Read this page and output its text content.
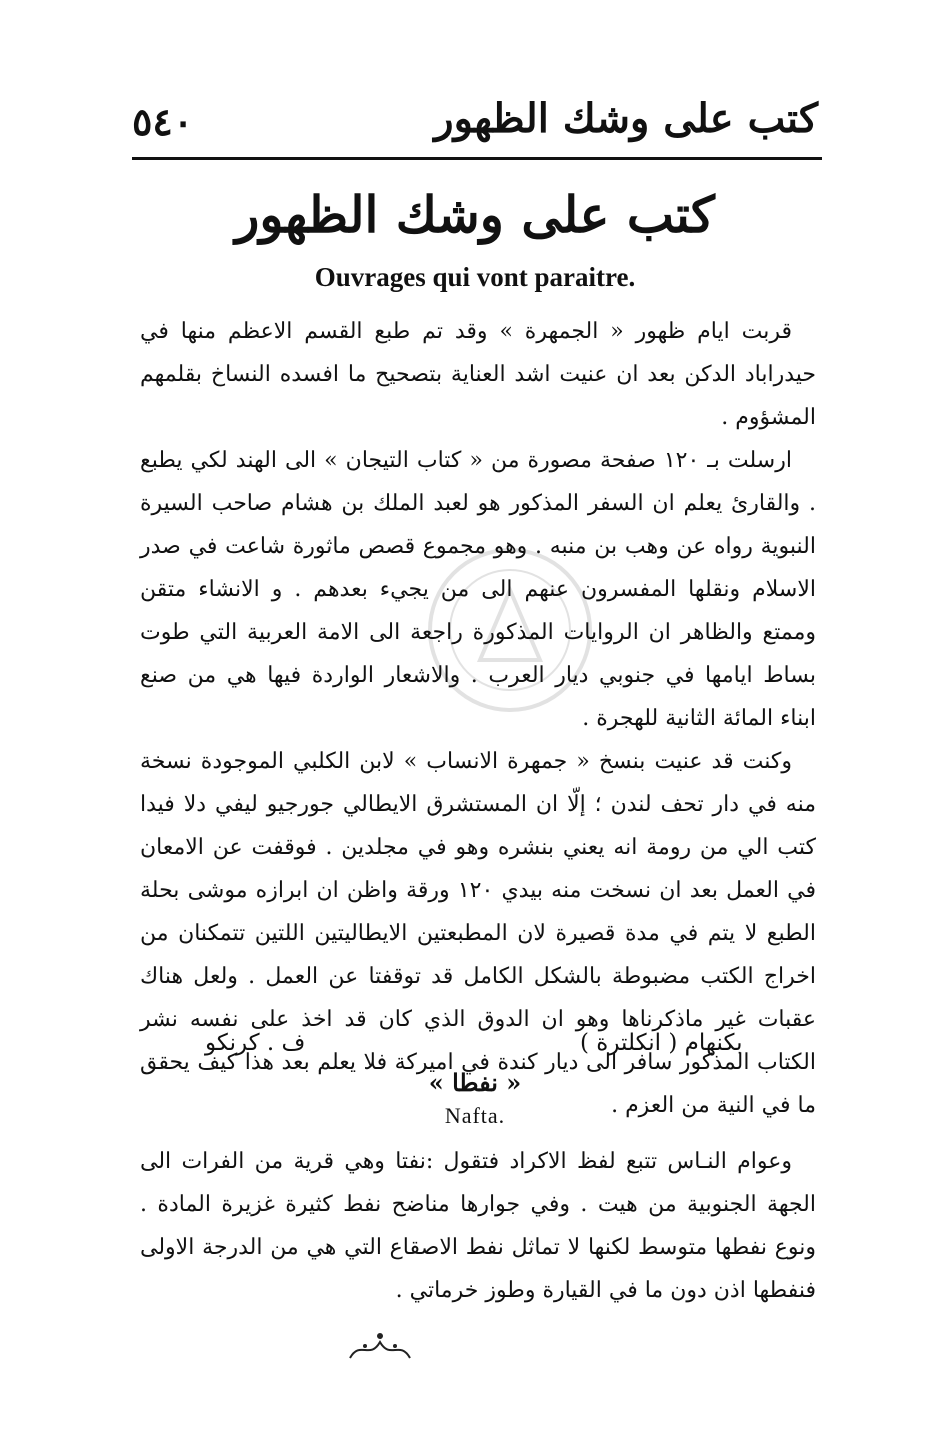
٥٤٠	كتب على وشك الظهور
كتب على وشك الظهور
Ouvrages qui vont paraitre.

قربت ايام ظهور « الجمهرة » وقد تم طبع القسم الاعظم منها في حيدراباد الدكن بعد ان عنيت اشد العناية بتصحيح ما افسده النساخ بقلمهم المشؤوم .

ارسلت بـ ١٢٠ صفحة مصورة من « كتاب التيجان » الى الهند لكي يطبع . والقارئ يعلم ان السفر المذكور هو لعبد الملك بن هشام صاحب السيرة النبوية رواه عن وهب بن منبه . وهو مجموع قصص ماثورة شاعت في صدر الاسلام ونقلها المفسرون عنهم الى من يجيء بعدهم . و الانشاء متقن وممتع والظاهر ان الروايات المذكورة راجعة الى الامة العربية التي طوت بساط ايامها في جنوبي ديار العرب . والاشعار الواردة فيها هي من صنع ابناء المائة الثانية للهجرة .

وكنت قد عنيت بنسخ « جمهرة الانساب » لابن الكلبي الموجودة نسخة منه في دار تحف لندن ؛ إلّا ان المستشرق الايطالي جورجيو ليفي دلا فيدا كتب الي من رومة انه يعني بنشره وهو في مجلدين . فوقفت عن الامعان في العمل بعد ان نسخت منه بيدي ١٢٠ ورقة واظن ان ابرازه موشى بحلة الطبع لا يتم في مدة قصيرة لان المطبعتين الايطاليتين اللتين تتمكنان من اخراج الكتب مضبوطة بالشكل الكامل قد توقفتا عن العمل . ولعل هناك عقبات غير ماذكرناها وهو ان الدوق الذي كان قد اخذ على نفسه نشر الكتاب المذكور سافر الى ديار كندة في اميركة فلا يعلم بعد هذا كيف يحقق ما في النية من العزم .

بكنهام ( انكلترة )
ف . كرنكو
« نفطا »
Nafta.

وعوام النـاس تتبع لفظ الاكراد فتقول :نفتا وهي قرية من الفرات الى الجهة الجنوبية من هيت . وفي جوارها مناضح نفط كثيرة غزيرة المادة . ونوع نفطها متوسط لكنها لا تماثل نفط الاصقاع التي هي من الدرجة الاولى فنفطها اذن دون ما في القيارة وطوز خرماتي .
